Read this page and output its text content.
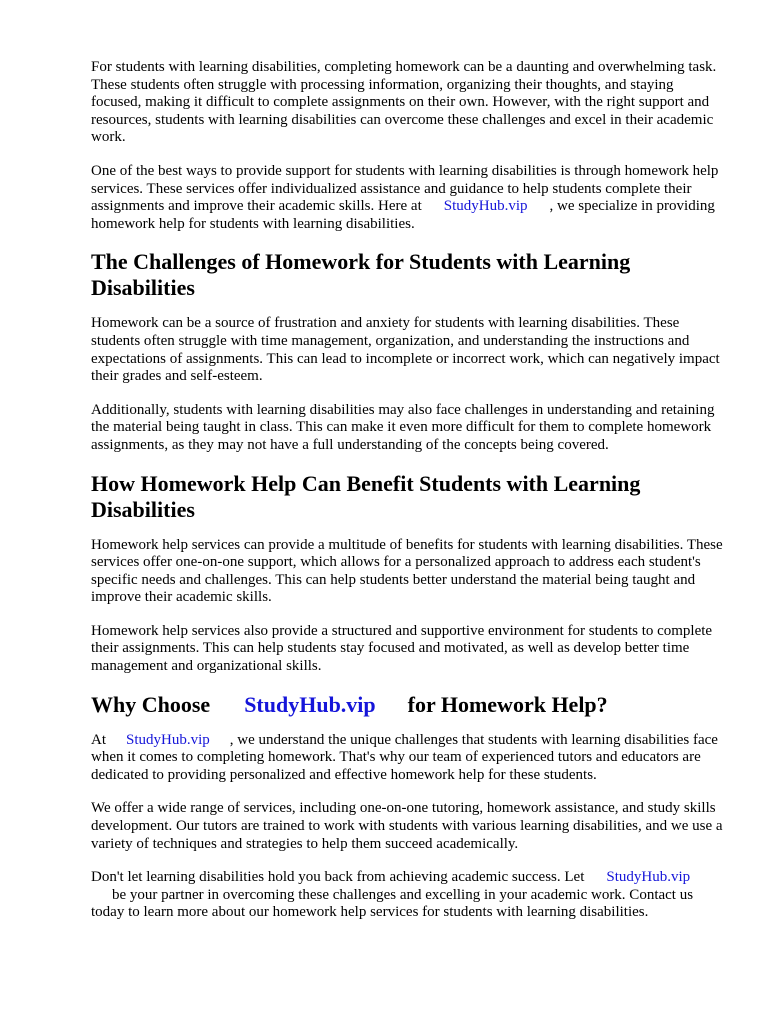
For students with learning disabilities, completing homework can be a daunting and overwhelming task. These students often struggle with processing information, organizing their thoughts, and staying focused, making it difficult to complete assignments on their own. However, with the right support and resources, students with learning disabilities can overcome these challenges and excel in their academic work.

One of the best ways to provide support for students with learning disabilities is through homework help services. These services offer individualized assistance and guidance to help students complete their assignments and improve their academic skills. Here at StudyHub.vip , we specialize in providing homework help for students with learning disabilities.

The Challenges of Homework for Students with Learning Disabilities

Homework can be a source of frustration and anxiety for students with learning disabilities. These students often struggle with time management, organization, and understanding the instructions and expectations of assignments. This can lead to incomplete or incorrect work, which can negatively impact their grades and self-esteem.

Additionally, students with learning disabilities may also face challenges in understanding and retaining the material being taught in class. This can make it even more difficult for them to complete homework assignments, as they may not have a full understanding of the concepts being covered.

How Homework Help Can Benefit Students with Learning Disabilities

Homework help services can provide a multitude of benefits for students with learning disabilities. These services offer one-on-one support, which allows for a personalized approach to address each student's specific needs and challenges. This can help students better understand the material being taught and improve their academic skills.

Homework help services also provide a structured and supportive environment for students to complete their assignments. This can help students stay focused and motivated, as well as develop better time management and organizational skills.

Why Choose StudyHub.vip for Homework Help?

At StudyHub.vip , we understand the unique challenges that students with learning disabilities face when it comes to completing homework. That's why our team of experienced tutors and educators are dedicated to providing personalized and effective homework help for these students.

We offer a wide range of services, including one-on-one tutoring, homework assistance, and study skills development. Our tutors are trained to work with students with various learning disabilities, and we use a variety of techniques and strategies to help them succeed academically.

Don't let learning disabilities hold you back from achieving academic success. Let StudyHub.vip
be your partner in overcoming these challenges and excelling in your academic work. Contact us today to learn more about our homework help services for students with learning disabilities.
